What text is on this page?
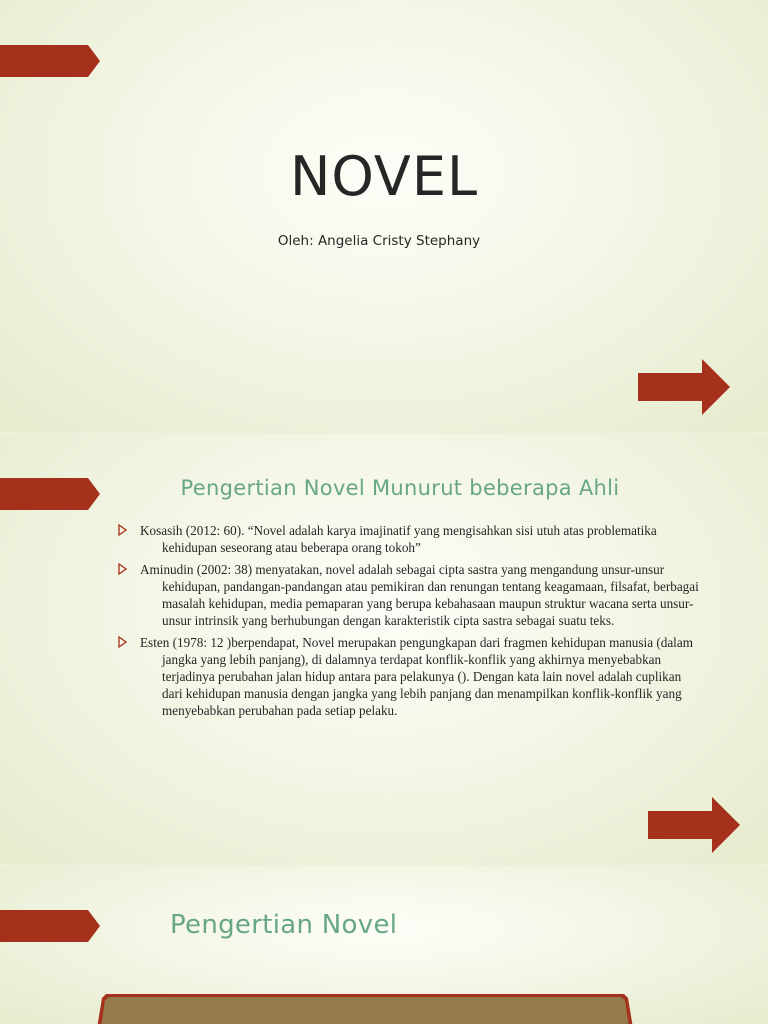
NOVEL

Oleh: Angelia Cristy Stephany

Pengertian Novel Munurut beberapa Ahli
Kosasih (2012: 60). “Novel adalah karya imajinatif yang mengisahkan sisi utuh atas problematika kehidupan seseorang atau beberapa orang tokoh”
Aminudin (2002: 38) menyatakan, novel adalah sebagai cipta sastra yang mengandung unsur-unsur kehidupan, pandangan-pandangan atau pemikiran dan renungan tentang keagamaan, filsafat, berbagai masalah kehidupan, media pemaparan yang berupa kebahasaan maupun struktur wacana serta unsur-unsur intrinsik yang berhubungan dengan karakteristik cipta sastra sebagai suatu teks.
Esten (1978: 12 )berpendapat, Novel merupakan pengungkapan dari fragmen kehidupan manusia (dalam jangka yang lebih panjang), di dalamnya terdapat konflik-konflik yang akhirnya menyebabkan terjadinya perubahan jalan hidup antara para pelakunya (). Dengan kata lain novel adalah cuplikan dari kehidupan manusia dengan jangka yang lebih panjang dan menampilkan konflik-konflik yang menyebabkan perubahan pada setiap pelaku.
Pengertian Novel
